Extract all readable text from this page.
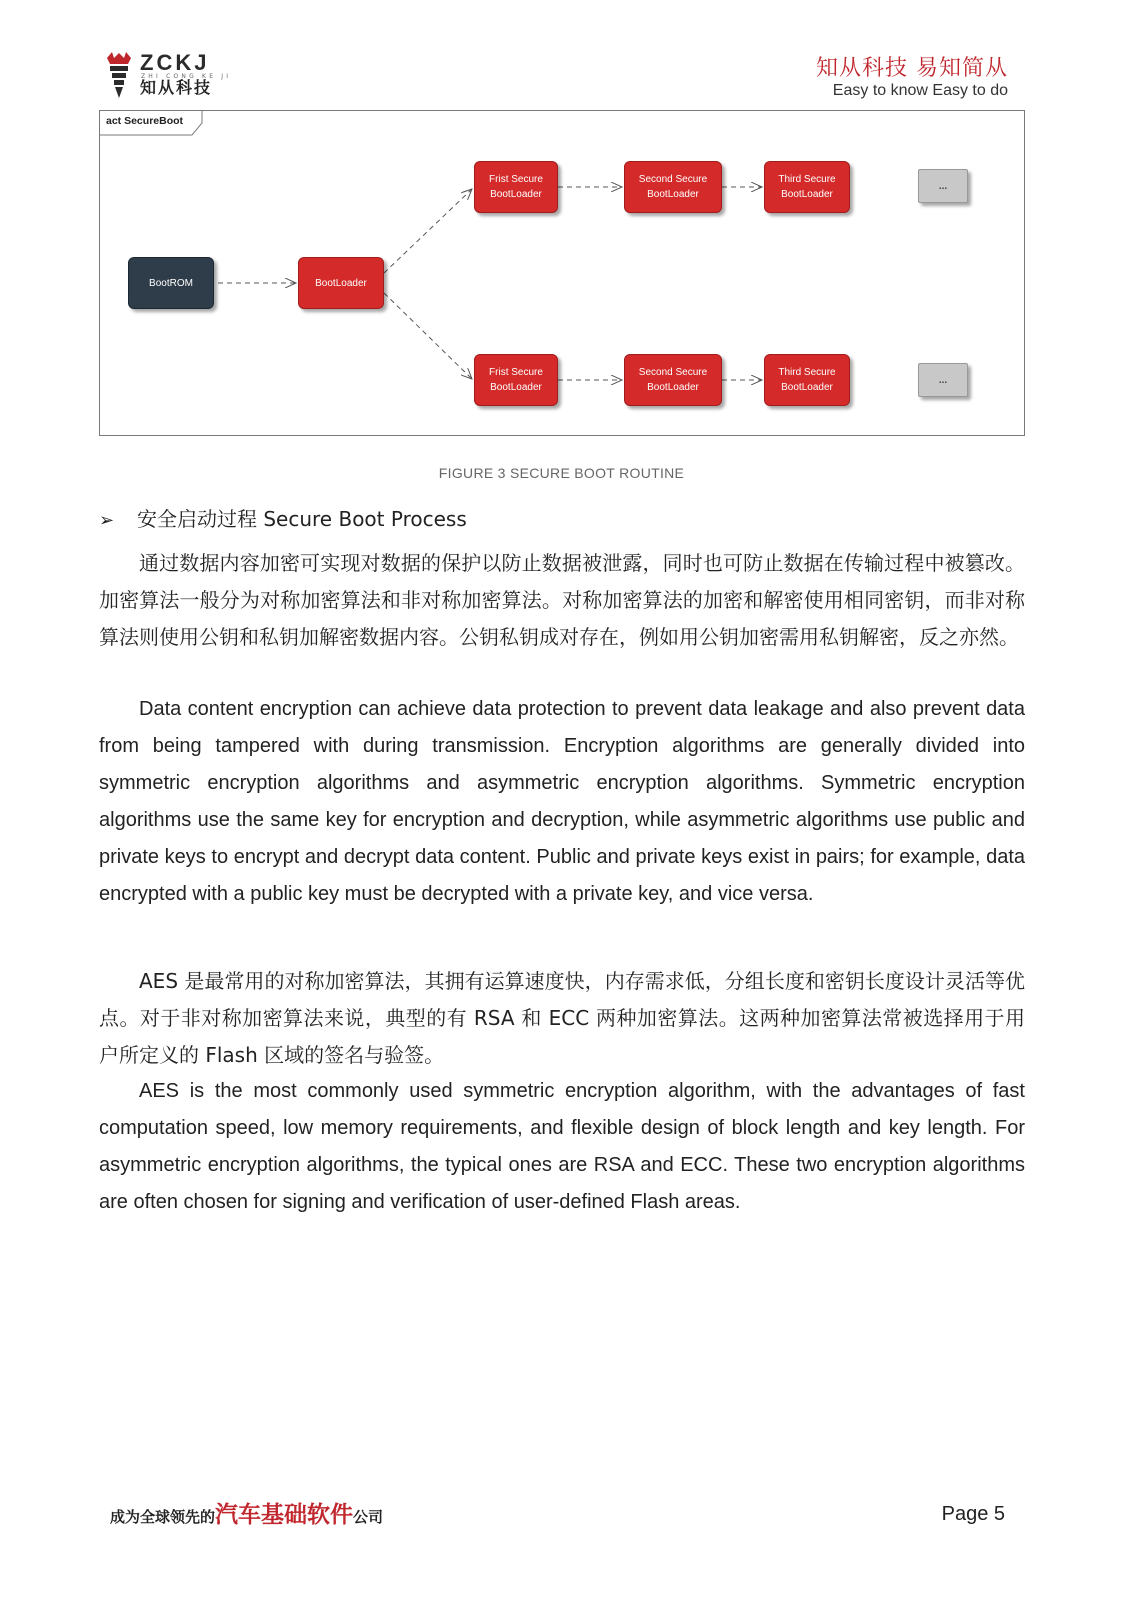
ZCKJ
ZHI CONG KE JI
知从科技
知从科技 易知简从
Easy to know Easy to do
act SecureBoot
BootROM	BootLoader
Frist Secure
BootLoader
Second Secure
BootLoader
Third Secure
BootLoader
...
Frist Secure
BootLoader
Second Secure
BootLoader
Third Secure
BootLoader
...
FIGURE 3 SECURE BOOT ROUTINE
➢ 安全启动过程 Secure Boot Process
通过数据内容加密可实现对数据的保护以防止数据被泄露，同时也可防止数据在传输过程中被篡改。加密算法一般分为对称加密算法和非对称加密算法。对称加密算法的加密和解密使用相同密钥，而非对称算法则使用公钥和私钥加解密数据内容。公钥私钥成对存在，例如用公钥加密需用私钥解密，反之亦然。
Data content encryption can achieve data protection to prevent data leakage and also prevent data from being tampered with during transmission. Encryption algorithms are generally divided into symmetric encryption algorithms and asymmetric encryption algorithms. Symmetric encryption algorithms use the same key for encryption and decryption, while asymmetric algorithms use public and private keys to encrypt and decrypt data content. Public and private keys exist in pairs; for example, data encrypted with a public key must be decrypted with a private key, and vice versa.
AES 是最常用的对称加密算法，其拥有运算速度快，内存需求低，分组长度和密钥长度设计灵活等优点。对于非对称加密算法来说，典型的有 RSA 和 ECC 两种加密算法。这两种加密算法常被选择用于用户所定义的 Flash 区域的签名与验签。
AES is the most commonly used symmetric encryption algorithm, with the advantages of fast computation speed, low memory requirements, and flexible design of block length and key length. For asymmetric encryption algorithms, the typical ones are RSA and ECC. These two encryption algorithms are often chosen for signing and verification of user-defined Flash areas.
成为全球领先的汽车基础软件公司	Page 5
